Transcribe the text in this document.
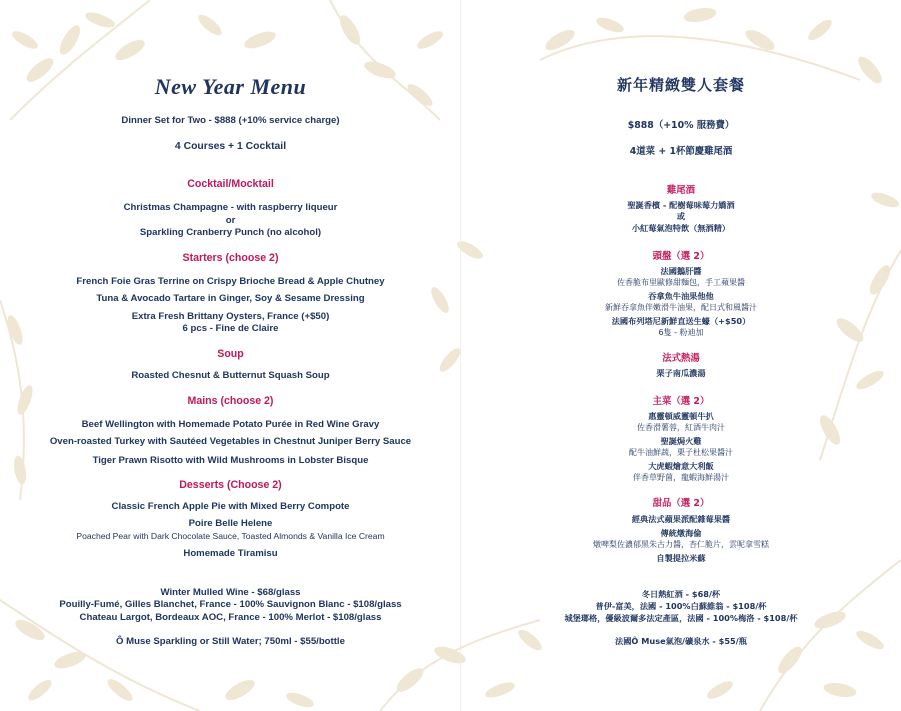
New Year Menu
Dinner Set for Two - $888 (+10% service charge)
4 Courses + 1 Cocktail
Cocktail/Mocktail
Christmas Champagne - with raspberry liqueur
or
Sparkling Cranberry Punch (no alcohol)
Starters (choose 2)
French Foie Gras Terrine on Crispy Brioche Bread & Apple Chutney
Tuna & Avocado Tartare in Ginger, Soy & Sesame Dressing
Extra Fresh Brittany Oysters, France (+$50)
6 pcs - Fine de Claire
Soup
Roasted Chesnut & Butternut Squash Soup
Mains (choose 2)
Beef Wellington with Homemade Potato Purée in Red Wine Gravy
Oven-roasted Turkey with Sautéed Vegetables in Chestnut Juniper Berry Sauce
Tiger Prawn Risotto with Wild Mushrooms in Lobster Bisque
Desserts (Choose 2)
Classic French Apple Pie with Mixed Berry Compote
Poire Belle Helene
Poached Pear with Dark Chocolate Sauce, Toasted Almonds & Vanilla Ice Cream
Homemade Tiramisu
Winter Mulled Wine - $68/glass
Pouilly-Fumé, Gilles Blanchet, France - 100% Sauvignon Blanc - $108/glass
Chateau Largot, Bordeaux AOC, France - 100% Merlot - $108/glass
Ô Muse Sparkling or Still Water; 750ml - $55/bottle
新年精緻雙人套餐
$888（+10% 服務費）
4道菜 + 1杯節慶雞尾酒
雞尾酒
聖誕香檳 - 配樹莓味莓力嬌酒
或
小紅莓氣泡特飲（無酒精）
頭盤（選 2）
法國鵝肝醬
佐香脆布里歐修甜麵包，手工蘋果醬
吞拿魚牛油果他他
新鮮吞拿魚伴嫩滑牛油果，配日式和風醬汁
法國布列塔尼新鮮直送生蠔（+$50）
6隻 - 粉迪加
法式熱湯
栗子南瓜濃湯
主菜（選 2）
惠靈頓威靈頓牛扒
佐香滑薯蓉，紅酒牛肉汁
聖誕焗火雞
配牛油鮮蔬，栗子杜松果醬汁
大虎蝦燴意大利飯
伴香草野菌，龍蝦海鮮湯汁
甜品（選 2）
經典法式蘋果派配雜莓果醬
傳統燉海倫
燉啤梨佐濃郁黑朱古力醬，杏仁脆片，雲呢拿雪糕
自製提拉米蘇
冬日熱紅酒 - $68/杯
普伊-富美，法國 - 100%白蘇維翁 - $108/杯
城堡瑯格，優級波爾多法定產區，法國 - 100%梅洛 - $108/杯
法國Ô Muse氣泡/礦泉水 - $55/瓶
